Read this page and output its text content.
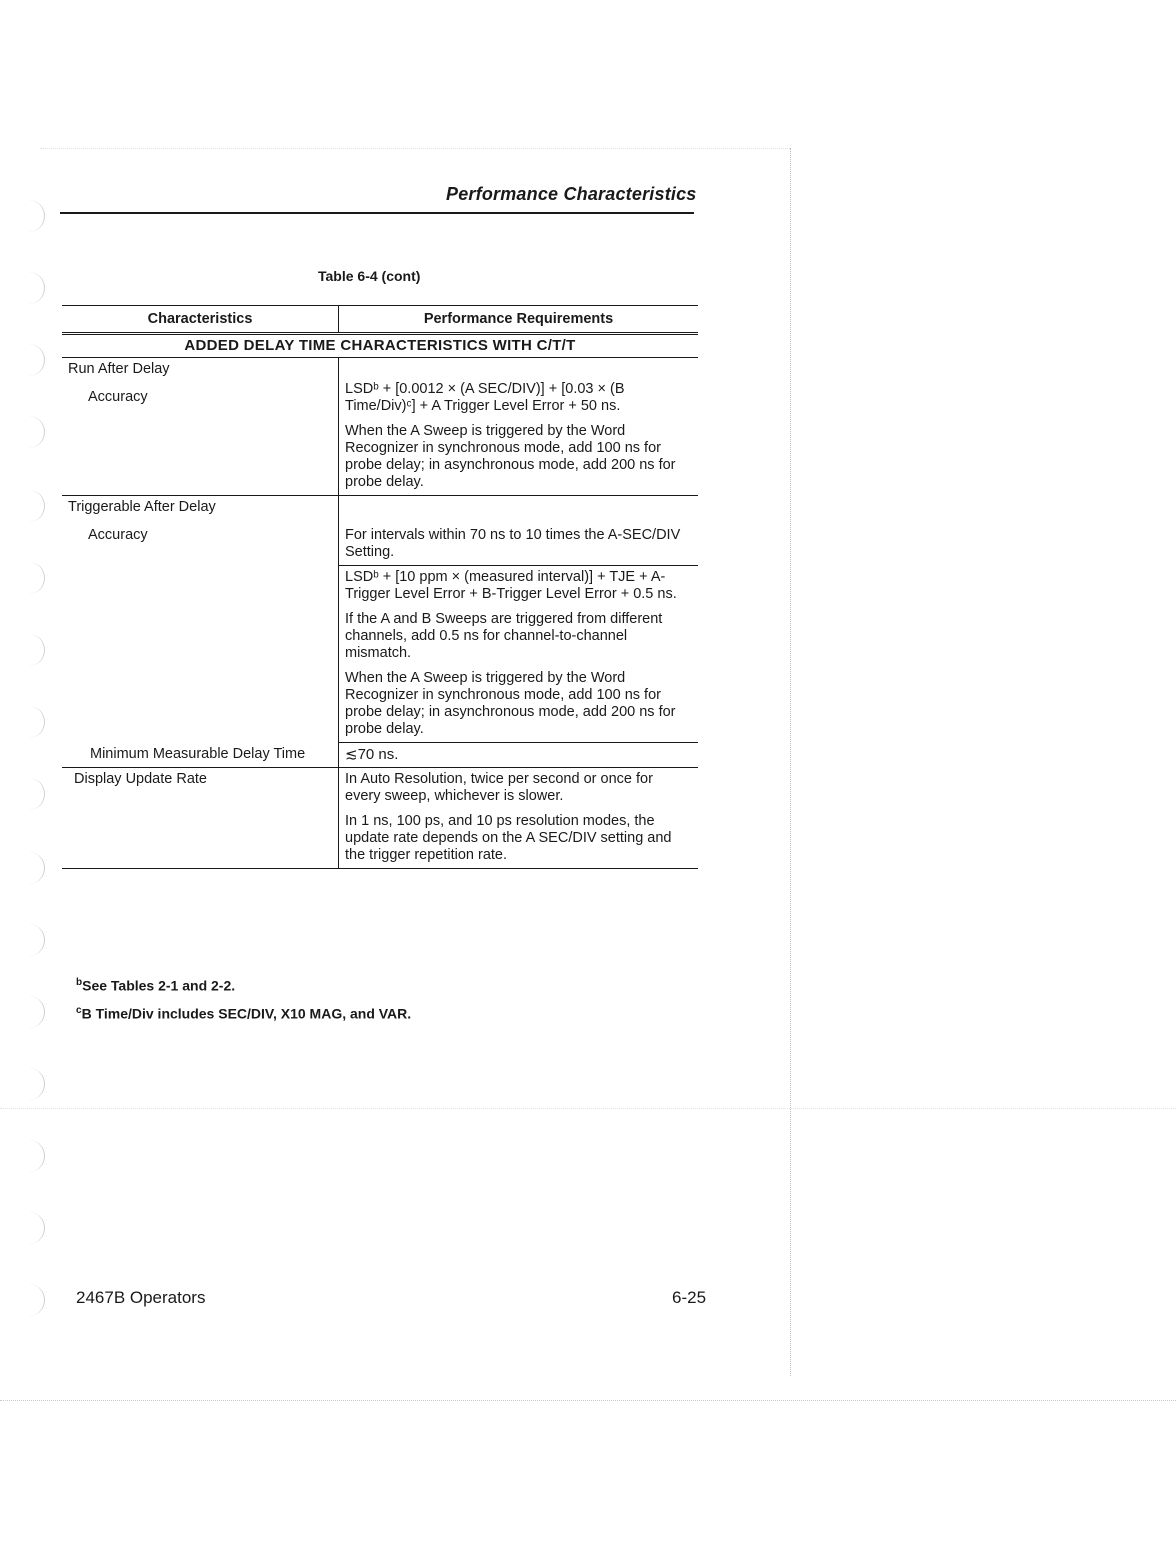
Performance Characteristics
Table 6-4 (cont)
Characteristics	Performance Requirements
ADDED DELAY TIME CHARACTERISTICS WITH C/T/T	
Run After Delay
Accuracy	LSDᵇ + [0.0012 × (A SEC/DIV)] + [0.03 × (B Time/Div)ᶜ] + A Trigger Level Error + 50 ns.
When the A Sweep is triggered by the Word Recognizer in synchronous mode, add 100 ns for probe delay; in asynchronous mode, add 200 ns for probe delay.

Triggerable After Delay
Accuracy	For intervals within 70 ns to 10 times the A-SEC/DIV Setting.

	LSDᵇ + [10 ppm × (measured interval)] + TJE + A-Trigger Level Error + B-Trigger Level Error + 0.5 ns.
If the A and B Sweeps are triggered from different channels, add 0.5 ns for channel-to-channel mismatch.
When the A Sweep is triggered by the Word Recognizer in synchronous mode, add 100 ns for probe delay; in asynchronous mode, add 200 ns for probe delay.

Minimum Measurable Delay Time	≲70 ns.

Display Update Rate	In Auto Resolution, twice per second or once for every sweep, whichever is slower.
In 1 ns, 100 ps, and 10 ps resolution modes, the update rate depends on the A SEC/DIV setting and the trigger repetition rate.
$^b$See Tables 2-1 and 2-2.
$^c$B Time/Div includes SEC/DIV, X10 MAG, and VAR.
2467B Operators	6-25
